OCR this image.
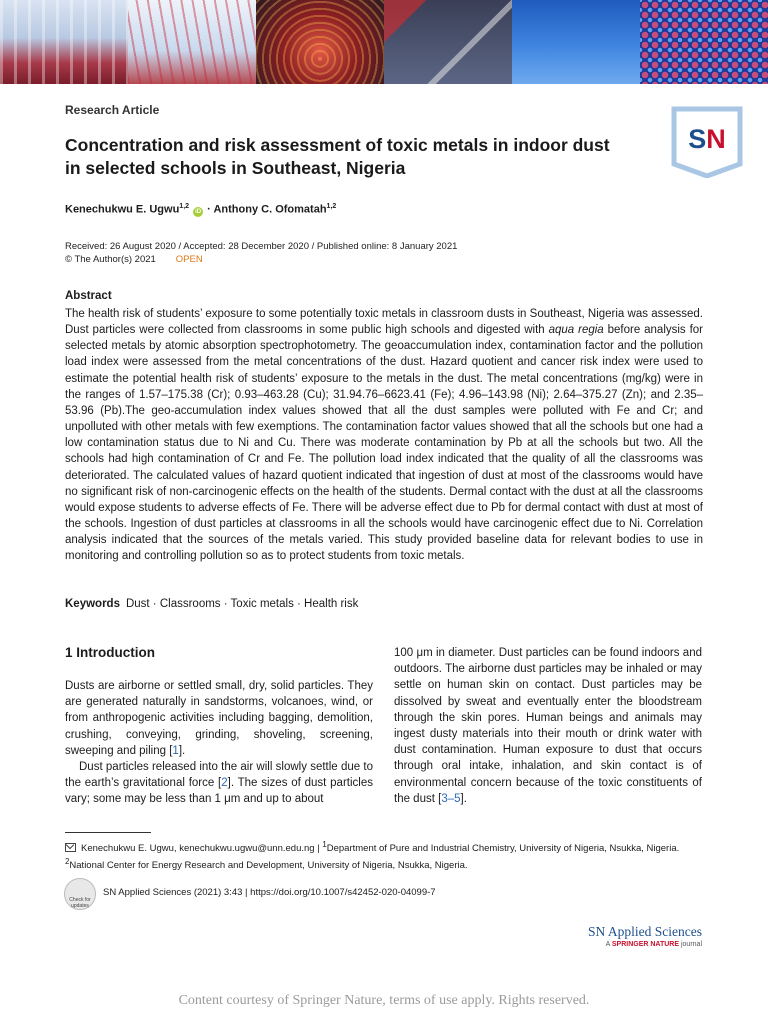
Research Article
Concentration and risk assessment of toxic metals in indoor dust in selected schools in Southeast, Nigeria
SN
Kenechukwu E. Ugwu$^{1,2}$ iD · Anthony C. Ofomatah$^{1,2}$
Received: 26 August 2020 / Accepted: 28 December 2020 / Published online: 8 January 2021
© The Author(s) 2021 OPEN
Abstract

The health risk of students’ exposure to some potentially toxic metals in classroom dusts in Southeast, Nigeria was assessed. Dust particles were collected from classrooms in some public high schools and digested with aqua regia before analysis for selected metals by atomic absorption spectrophotometry. The geoaccumulation index, contamination factor and the pollution load index were assessed from the metal concentrations of the dust. Hazard quotient and cancer risk index were used to estimate the potential health risk of students’ exposure to the metals in the dust. The metal concentrations (mg/kg) were in the ranges of 1.57–175.38 (Cr); 0.93–463.28 (Cu); 31.94.76–6623.41 (Fe); 4.96–143.98 (Ni); 2.64–375.27 (Zn); and 2.35–53.96 (Pb).The geo-accumulation index values showed that all the dust samples were polluted with Fe and Cr; and unpolluted with other metals with few exemptions. The contamination factor values showed that all the schools but one had a low contamination status due to Ni and Cu. There was moderate contamination by Pb at all the schools but two. All the schools had high contamination of Cr and Fe. The pollution load index indicated that the quality of all the classrooms was deteriorated. The calculated values of hazard quotient indicated that ingestion of dust at most of the classrooms would have no significant risk of non-carcinogenic effects on the health of the students. Dermal contact with the dust at all the classrooms would expose students to adverse effects of Fe. There will be adverse effect due to Pb for dermal contact with dust at most of the schools. Ingestion of dust particles at classrooms in all the schools would have carcinogenic effect due to Ni. Correlation analysis indicated that the sources of the metals varied. This study provided baseline data for relevant bodies to use in monitoring and controlling pollution so as to protect students from toxic metals.

Keywords Dust · Classrooms · Toxic metals · Health risk
1 Introduction

Dusts are airborne or settled small, dry, solid particles. They are generated naturally in sandstorms, volcanoes, wind, or from anthropogenic activities including bagging, demolition, crushing, conveying, grinding, shoveling, screening, sweeping and piling [1].

Dust particles released into the air will slowly settle due to the earth’s gravitational force [2]. The sizes of dust particles vary; some may be less than 1 μm and up to about

100 μm in diameter. Dust particles can be found indoors and outdoors. The airborne dust particles may be inhaled or may settle on human skin on contact. Dust particles may be dissolved by sweat and eventually enter the bloodstream through the skin pores. Human beings and animals may ingest dusty materials into their mouth or drink water with dust contamination. Human exposure to dust that occurs through oral intake, inhalation, and skin contact is of environmental concern because of the toxic constituents of the dust [3–5].

Kenechukwu E. Ugwu, kenechukwu.ugwu@unn.edu.ng | $^1$Department of Pure and Industrial Chemistry, University of Nigeria, Nsukka, Nigeria. $^2$National Center for Energy Research and Development, University of Nigeria, Nsukka, Nigeria.
Check for updates
SN Applied Sciences (2021) 3:43 | https://doi.org/10.1007/s42452-020-04099-7
SN Applied Sciences
A SPRINGER NATURE journal
Content courtesy of Springer Nature, terms of use apply. Rights reserved.
